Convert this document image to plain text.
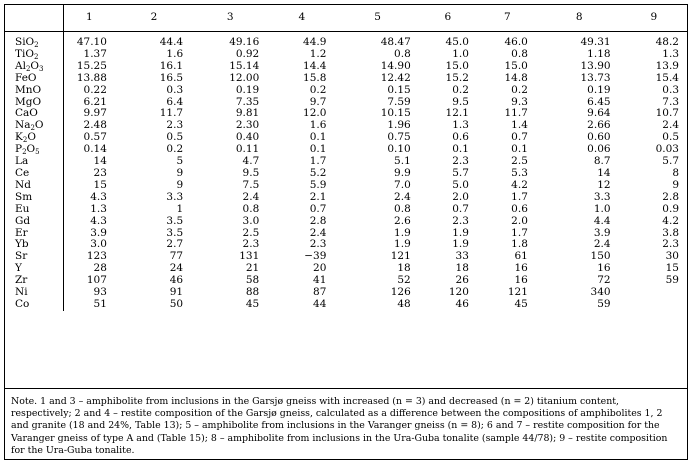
	1	2	3	4	5	6	7	8	9
SiO$_2$	47.10	44.4	49.16	44.9	48.47	45.0	46.0	49.31	48.2
TiO$_2$	1.37	1.6	0.92	1.2	0.8	1.0	0.8	1.18	1.3
$Al_2O_3$	15.25	16.1	15.14	14.4	14.90	15.0	15.0	13.90	13.9
FeO	13.88	16.5	12.00	15.8	12.42	15.2	14.8	13.73	15.4
MnO	0.22	0.3	0.19	0.2	0.15	0.2	0.2	0.19	0.3
MgO	6.21	6.4	7.35	9.7	7.59	9.5	9.3	6.45	7.3
CaO	9.97	11.7	9.81	12.0	10.15	12.1	11.7	9.64	10.7
$Na_2O$	2.48	2.3	2.30	1.6	1.96	1.3	1.4	2.66	2.4
$K_2O$	0.57	0.5	0.40	0.1	0.75	0.6	0.7	0.60	0.5
$P_2O_5$	0.14	0.2	0.11	0.1	0.10	0.1	0.1	0.06	0.03
La	14	5	4.7	1.7	5.1	2.3	2.5	8.7	5.7
Ce	23	9	9.5	5.2	9.9	5.7	5.3	14	8
Nd	15	9	7.5	5.9	7.0	5.0	4.2	12	9
Sm	4.3	3.3	2.4	2.1	2.4	2.0	1.7	3.3	2.8
Eu	1.3	1	0.8	0.7	0.8	0.7	0.6	1.0	0.9
Gd	4.3	3.5	3.0	2.8	2.6	2.3	2.0	4.4	4.2
Er	3.9	3.5	2.5	2.4	1.9	1.9	1.7	3.9	3.8
Yb	3.0	2.7	2.3	2.3	1.9	1.9	1.8	2.4	2.3
Sr	123	77	131	−39	121	33	61	150	30
Y	28	24	21	20	18	18	16	16	15
Zr	107	46	58	41	52	26	16	72	59
Ni	93	91	88	87	126	120	121	340	
Co	51	50	45	44	48	46	45	59	
Note. 1 and 3 – amphibolite from inclusions in the Garsjø gneiss with increased (n = 3) and decreased (n = 2) titanium content, respectively; 2 and 4 – restite composition of the Garsjø gneiss, calculated as a difference between the compositions of amphibolites 1, 2 and granite (18 and 24%, Table 13); 5 – amphibolite from inclusions in the Varanger gneiss (n = 8); 6 and 7 – restite composition for the Varanger gneiss of type A and (Table 15); 8 – amphibolite from inclusions in the Ura-Guba tonalite (sample 44/78); 9 – restite composition for the Ura-Guba tonalite.
